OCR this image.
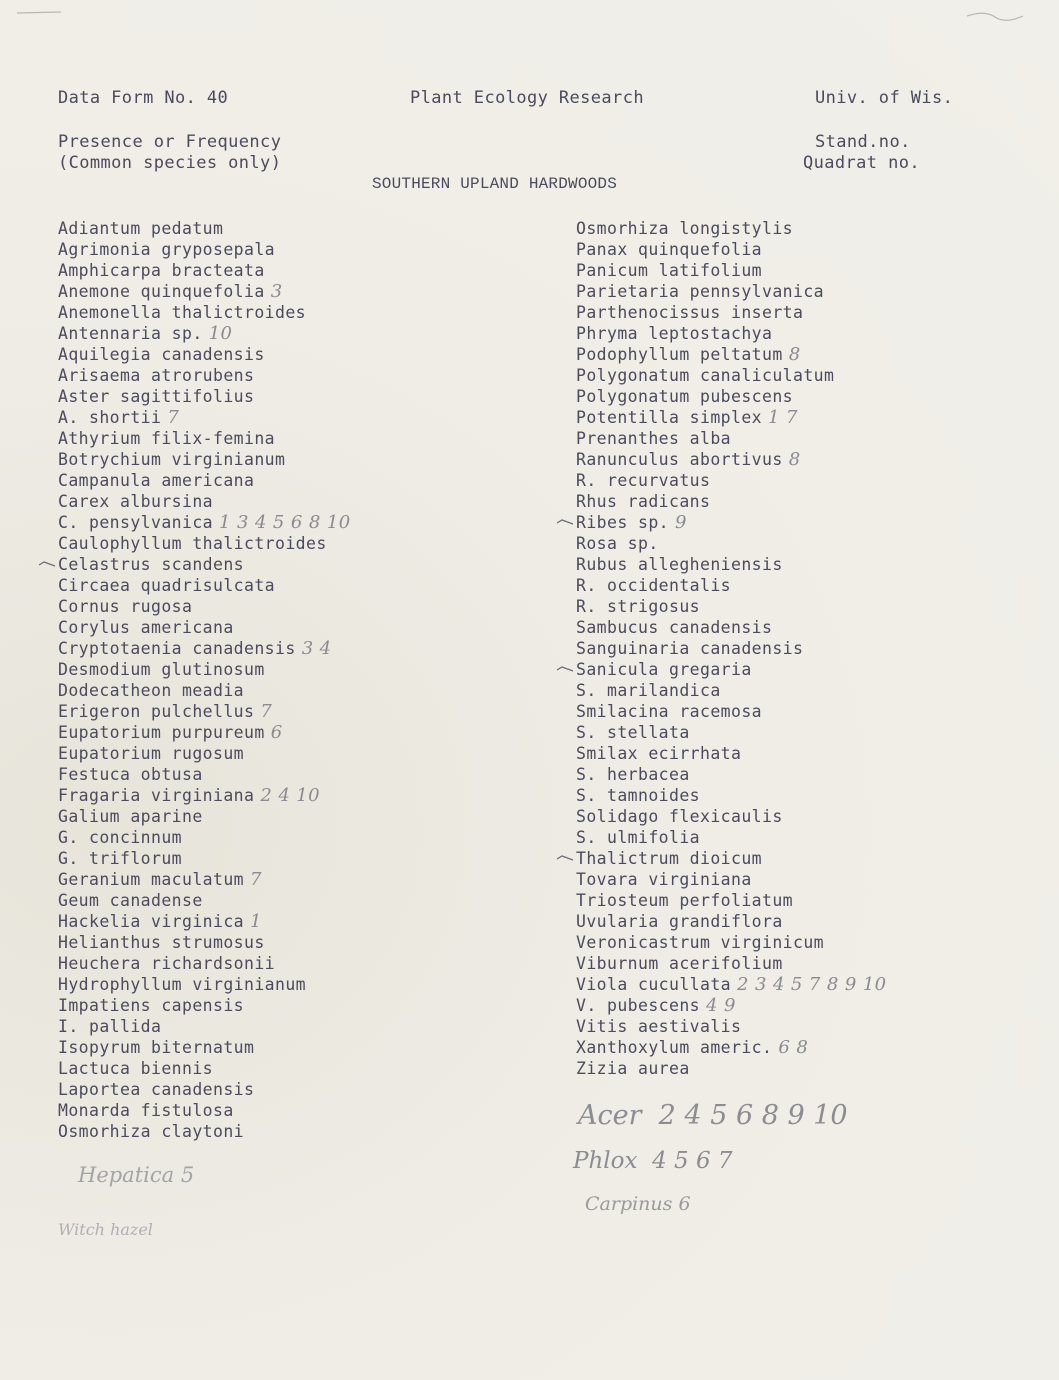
Data Form No. 40	Plant Ecology Research	Univ. of Wis.
Presence or Frequency
(Common species only)
Stand.no.
Quadrat no.
SOUTHERN UPLAND HARDWOODS
Adiantum pedatum
Agrimonia gryposepala
Amphicarpa bracteata
Anemone quinquefolia 3
Anemonella thalictroides
Antennaria sp. 10
Aquilegia canadensis
Arisaema atrorubens
Aster sagittifolius
A. shortii 7
Athyrium filix-femina
Botrychium virginianum
Campanula americana
Carex albursina
C. pensylvanica 1 3 4 5 6 8 10
Caulophyllum thalictroides
Celastrus scandens
Circaea quadrisulcata
Cornus rugosa
Corylus americana
Cryptotaenia canadensis 3 4
Desmodium glutinosum
Dodecatheon meadia
Erigeron pulchellus 7
Eupatorium purpureum 6
Eupatorium rugosum
Festuca obtusa
Fragaria virginiana 2 4 10
Galium aparine
G. concinnum
G. triflorum
Geranium maculatum 7
Geum canadense
Hackelia virginica 1
Helianthus strumosus
Heuchera richardsonii
Hydrophyllum virginianum
Impatiens capensis
I. pallida
Isopyrum biternatum
Lactuca biennis
Laportea canadensis
Monarda fistulosa
Osmorhiza claytoni
Osmorhiza longistylis
Panax quinquefolia
Panicum latifolium
Parietaria pennsylvanica
Parthenocissus inserta
Phryma leptostachya
Podophyllum peltatum 8
Polygonatum canaliculatum
Polygonatum pubescens
Potentilla simplex 1 7
Prenanthes alba
Ranunculus abortivus 8
R. recurvatus
Rhus radicans
Ribes sp. 9
Rosa sp.
Rubus allegheniensis
R. occidentalis
R. strigosus
Sambucus canadensis
Sanguinaria canadensis
Sanicula gregaria
S. marilandica
Smilacina racemosa
S. stellata
Smilax ecirrhata
S. herbacea
S. tamnoides
Solidago flexicaulis
S. ulmifolia
Thalictrum dioicum
Tovara virginiana
Triosteum perfoliatum
Uvularia grandiflora
Veronicastrum virginicum
Viburnum acerifolium
Viola cucullata 2 3 4 5 7 8 9 10
V. pubescens 4 9
Vitis aestivalis
Xanthoxylum americ. 6 8
Zizia aurea
Acer  2 4 5 6 8 9 10
Phlox  4 5 6 7
Carpinus 6
Hepatica 5
Witch hazel
